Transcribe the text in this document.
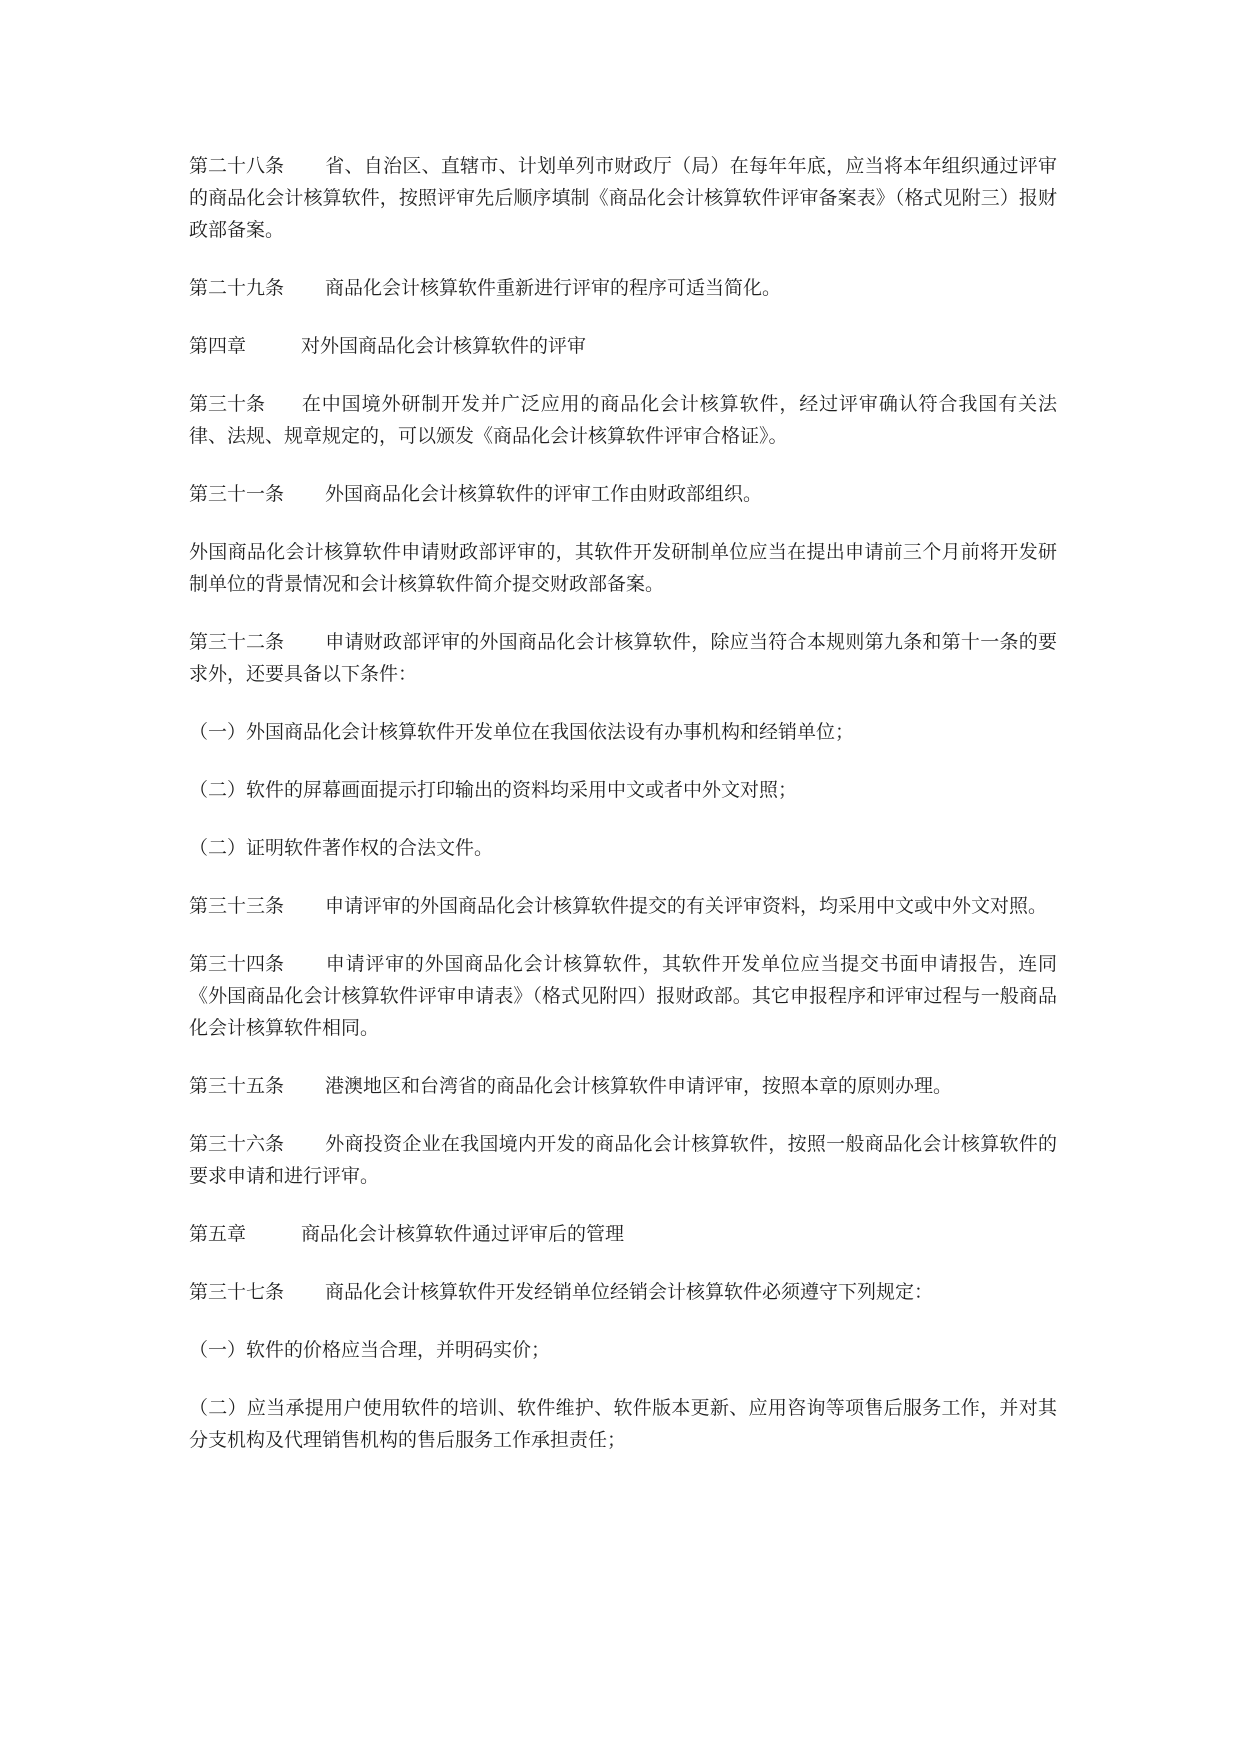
第二十八条 省、自治区、直辖市、计划单列市财政厅（局）在每年年底，应当将本年组织通过评审的商品化会计核算软件，按照评审先后顺序填制《商品化会计核算软件评审备案表》（格式见附三）报财政部备案。

第二十九条 商品化会计核算软件重新进行评审的程序可适当简化。

第四章	对外国商品化会计核算软件的评审

第三十条 在中国境外研制开发并广泛应用的商品化会计核算软件，经过评审确认符合我国有关法律、法规、规章规定的，可以颁发《商品化会计核算软件评审合格证》。

第三十一条 外国商品化会计核算软件的评审工作由财政部组织。

外国商品化会计核算软件申请财政部评审的，其软件开发研制单位应当在提出申请前三个月前将开发研制单位的背景情况和会计核算软件简介提交财政部备案。

第三十二条 申请财政部评审的外国商品化会计核算软件，除应当符合本规则第九条和第十一条的要求外，还要具备以下条件：

（一）外国商品化会计核算软件开发单位在我国依法设有办事机构和经销单位；

（二）软件的屏幕画面提示打印输出的资料均采用中文或者中外文对照；

（二）证明软件著作权的合法文件。

第三十三条 申请评审的外国商品化会计核算软件提交的有关评审资料，均采用中文或中外文对照。

第三十四条 申请评审的外国商品化会计核算软件，其软件开发单位应当提交书面申请报告，连同《外国商品化会计核算软件评审申请表》（格式见附四）报财政部。其它申报程序和评审过程与一般商品化会计核算软件相同。

第三十五条 港澳地区和台湾省的商品化会计核算软件申请评审，按照本章的原则办理。

第三十六条 外商投资企业在我国境内开发的商品化会计核算软件，按照一般商品化会计核算软件的要求申请和进行评审。

第五章	商品化会计核算软件通过评审后的管理

第三十七条 商品化会计核算软件开发经销单位经销会计核算软件必须遵守下列规定：

（一）软件的价格应当合理，并明码实价；

（二）应当承提用户使用软件的培训、软件维护、软件版本更新、应用咨询等项售后服务工作，并对其分支机构及代理销售机构的售后服务工作承担责任；
